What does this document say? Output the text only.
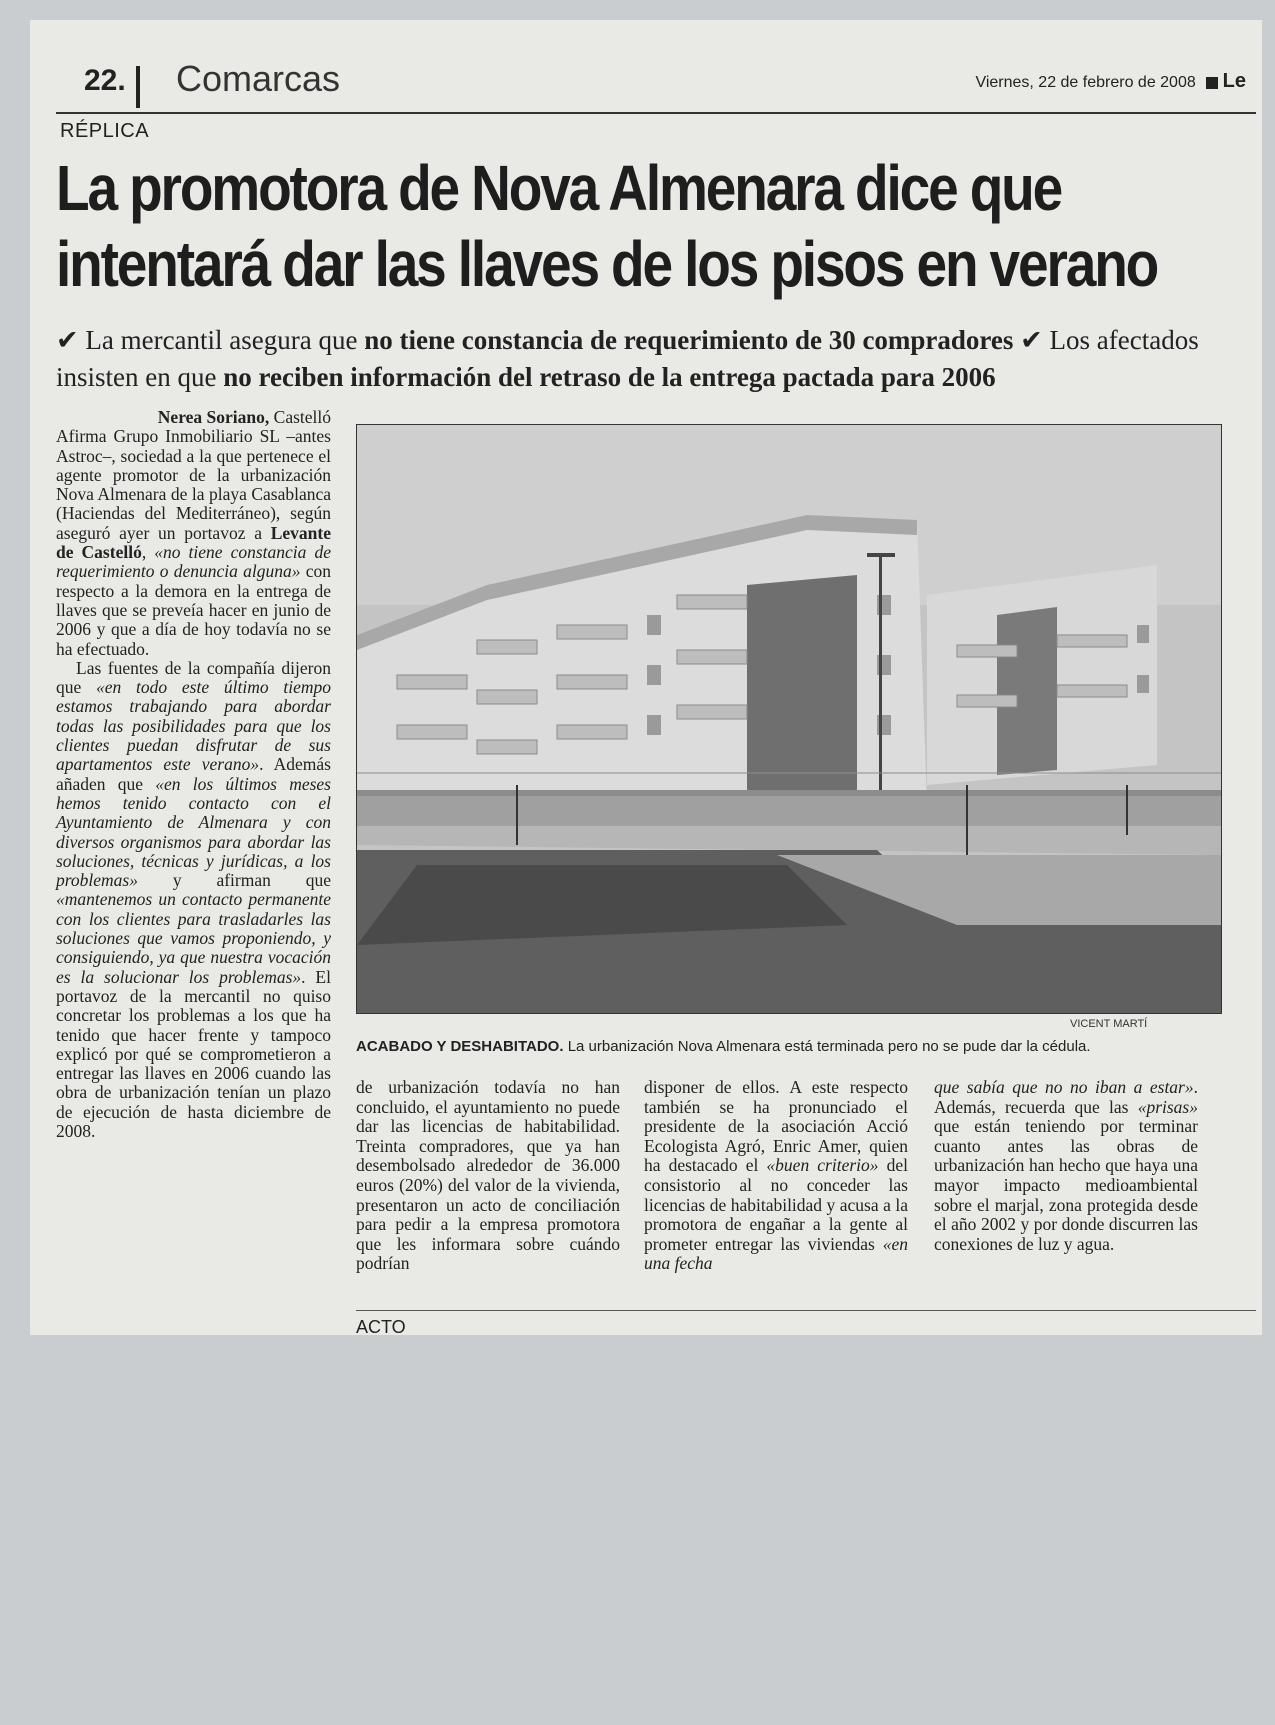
22. Comarcas	Viernes, 22 de febrero de 2008 Le
RÉPLICA
La promotora de Nova Almenara dice que
intentará dar las llaves de los pisos en verano
✔ La mercantil asegura que no tiene constancia de requerimiento de 30 compradores ✔ Los afectados insisten en que no reciben información del retraso de la entrega pactada para 2006
Nerea Soriano, Castelló

Afirma Grupo Inmobiliario SL –antes Astroc–, sociedad a la que pertenece el agente promotor de la urbanización Nova Almenara de la playa Casablanca (Haciendas del Mediterráneo), según aseguró ayer un portavoz a Levante de Castelló, «no tiene constancia de requerimiento o denuncia alguna» con respecto a la demora en la entrega de llaves que se preveía hacer en junio de 2006 y que a día de hoy todavía no se ha efectuado.

Las fuentes de la compañía dijeron que «en todo este último tiempo estamos trabajando para abordar todas las posibilidades para que los clientes puedan disfrutar de sus apartamentos este verano». Además añaden que «en los últimos meses hemos tenido contacto con el Ayuntamiento de Almenara y con diversos organismos para abordar las soluciones, técnicas y jurídicas, a los problemas» y afirman que «mantenemos un contacto permanente con los clientes para trasladarles las soluciones que vamos proponiendo, y consiguiendo, ya que nuestra vocación es la solucionar los problemas». El portavoz de la mercantil no quiso concretar los problemas a los que ha tenido que hacer frente y tampoco explicó por qué se comprometieron a entregar las llaves en 2006 cuando las obra de urbanización tenían un plazo de ejecución de hasta diciembre de 2008.

VICENT MARTÍ
ACABADO Y DESHABITADO. La urbanización Nova Almenara está terminada pero no se pude dar la cédula.

de urbanización todavía no han concluido, el ayuntamiento no puede dar las licencias de habitabilidad. Treinta compradores, que ya han desembolsado alrededor de 36.000 euros (20%) del valor de la vivienda, presentaron un acto de conciliación para pedir a la empresa promotora que les informara sobre cuándo podrían

disponer de ellos. A este respecto también se ha pronunciado el presidente de la asociación Acció Ecologista Agró, Enric Amer, quien ha destacado el «buen criterio» del consistorio al no conceder las licencias de habitabilidad y acusa a la promotora de engañar a la gente al prometer entregar las viviendas «en una fecha

que sabía que no no iban a estar». Además, recuerda que las «prisas» que están teniendo por terminar cuanto antes las obras de urbanización han hecho que haya una mayor impacto medioambiental sobre el marjal, zona protegida desde el año 2002 y por donde discurren las conexiones de luz y agua.

ACTO
